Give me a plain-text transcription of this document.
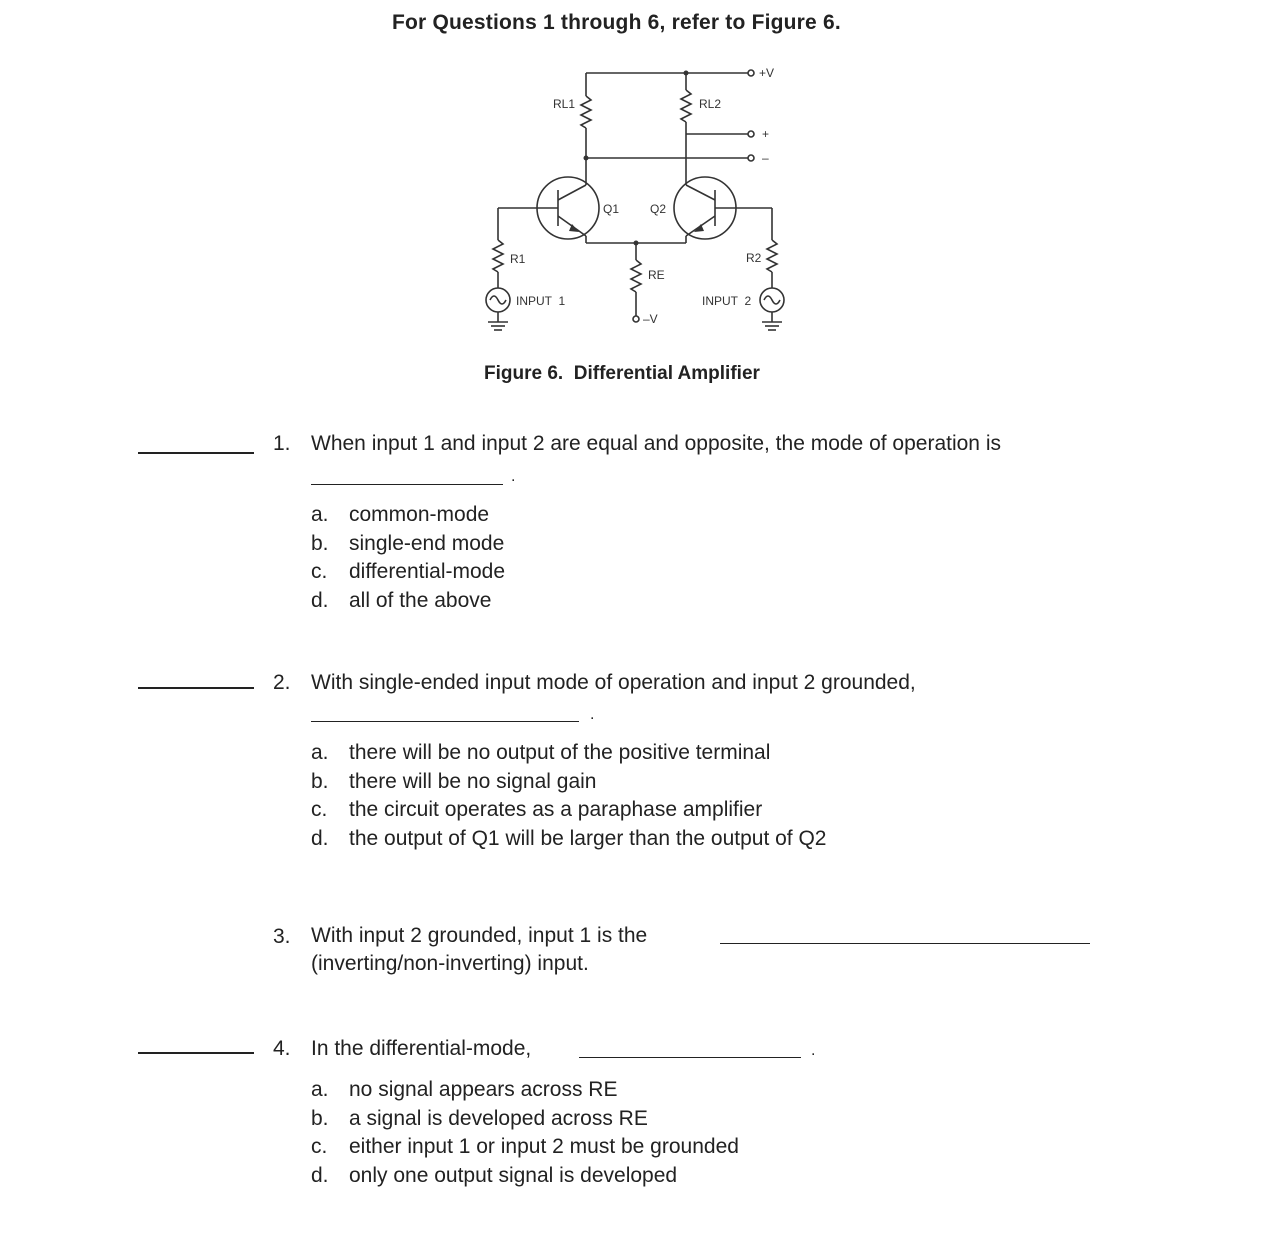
For Questions 1 through 6, refer to Figure 6.
RL1	RL2
+V
+
–
Q1	Q2
R1	R2
RE
–V
INPUT  1	INPUT  2
Figure 6.  Differential Amplifier
1. When input 1 and input 2 are equal and opposite, the mode of operation is
.
a. common-mode
b. single-end mode
c. differential-mode
d. all of the above
2. With single-ended input mode of operation and input 2 grounded,
.
a. there will be no output of the positive terminal
b. there will be no signal gain
c. the circuit operates as a paraphase amplifier
d. the output of Q1 will be larger than the output of Q2
3. With input 2 grounded, input 1 is the
(inverting/non-inverting) input.
4. In the differential-mode,	.
a. no signal appears across RE
b. a signal is developed across RE
c. either input 1 or input 2 must be grounded
d. only one output signal is developed
